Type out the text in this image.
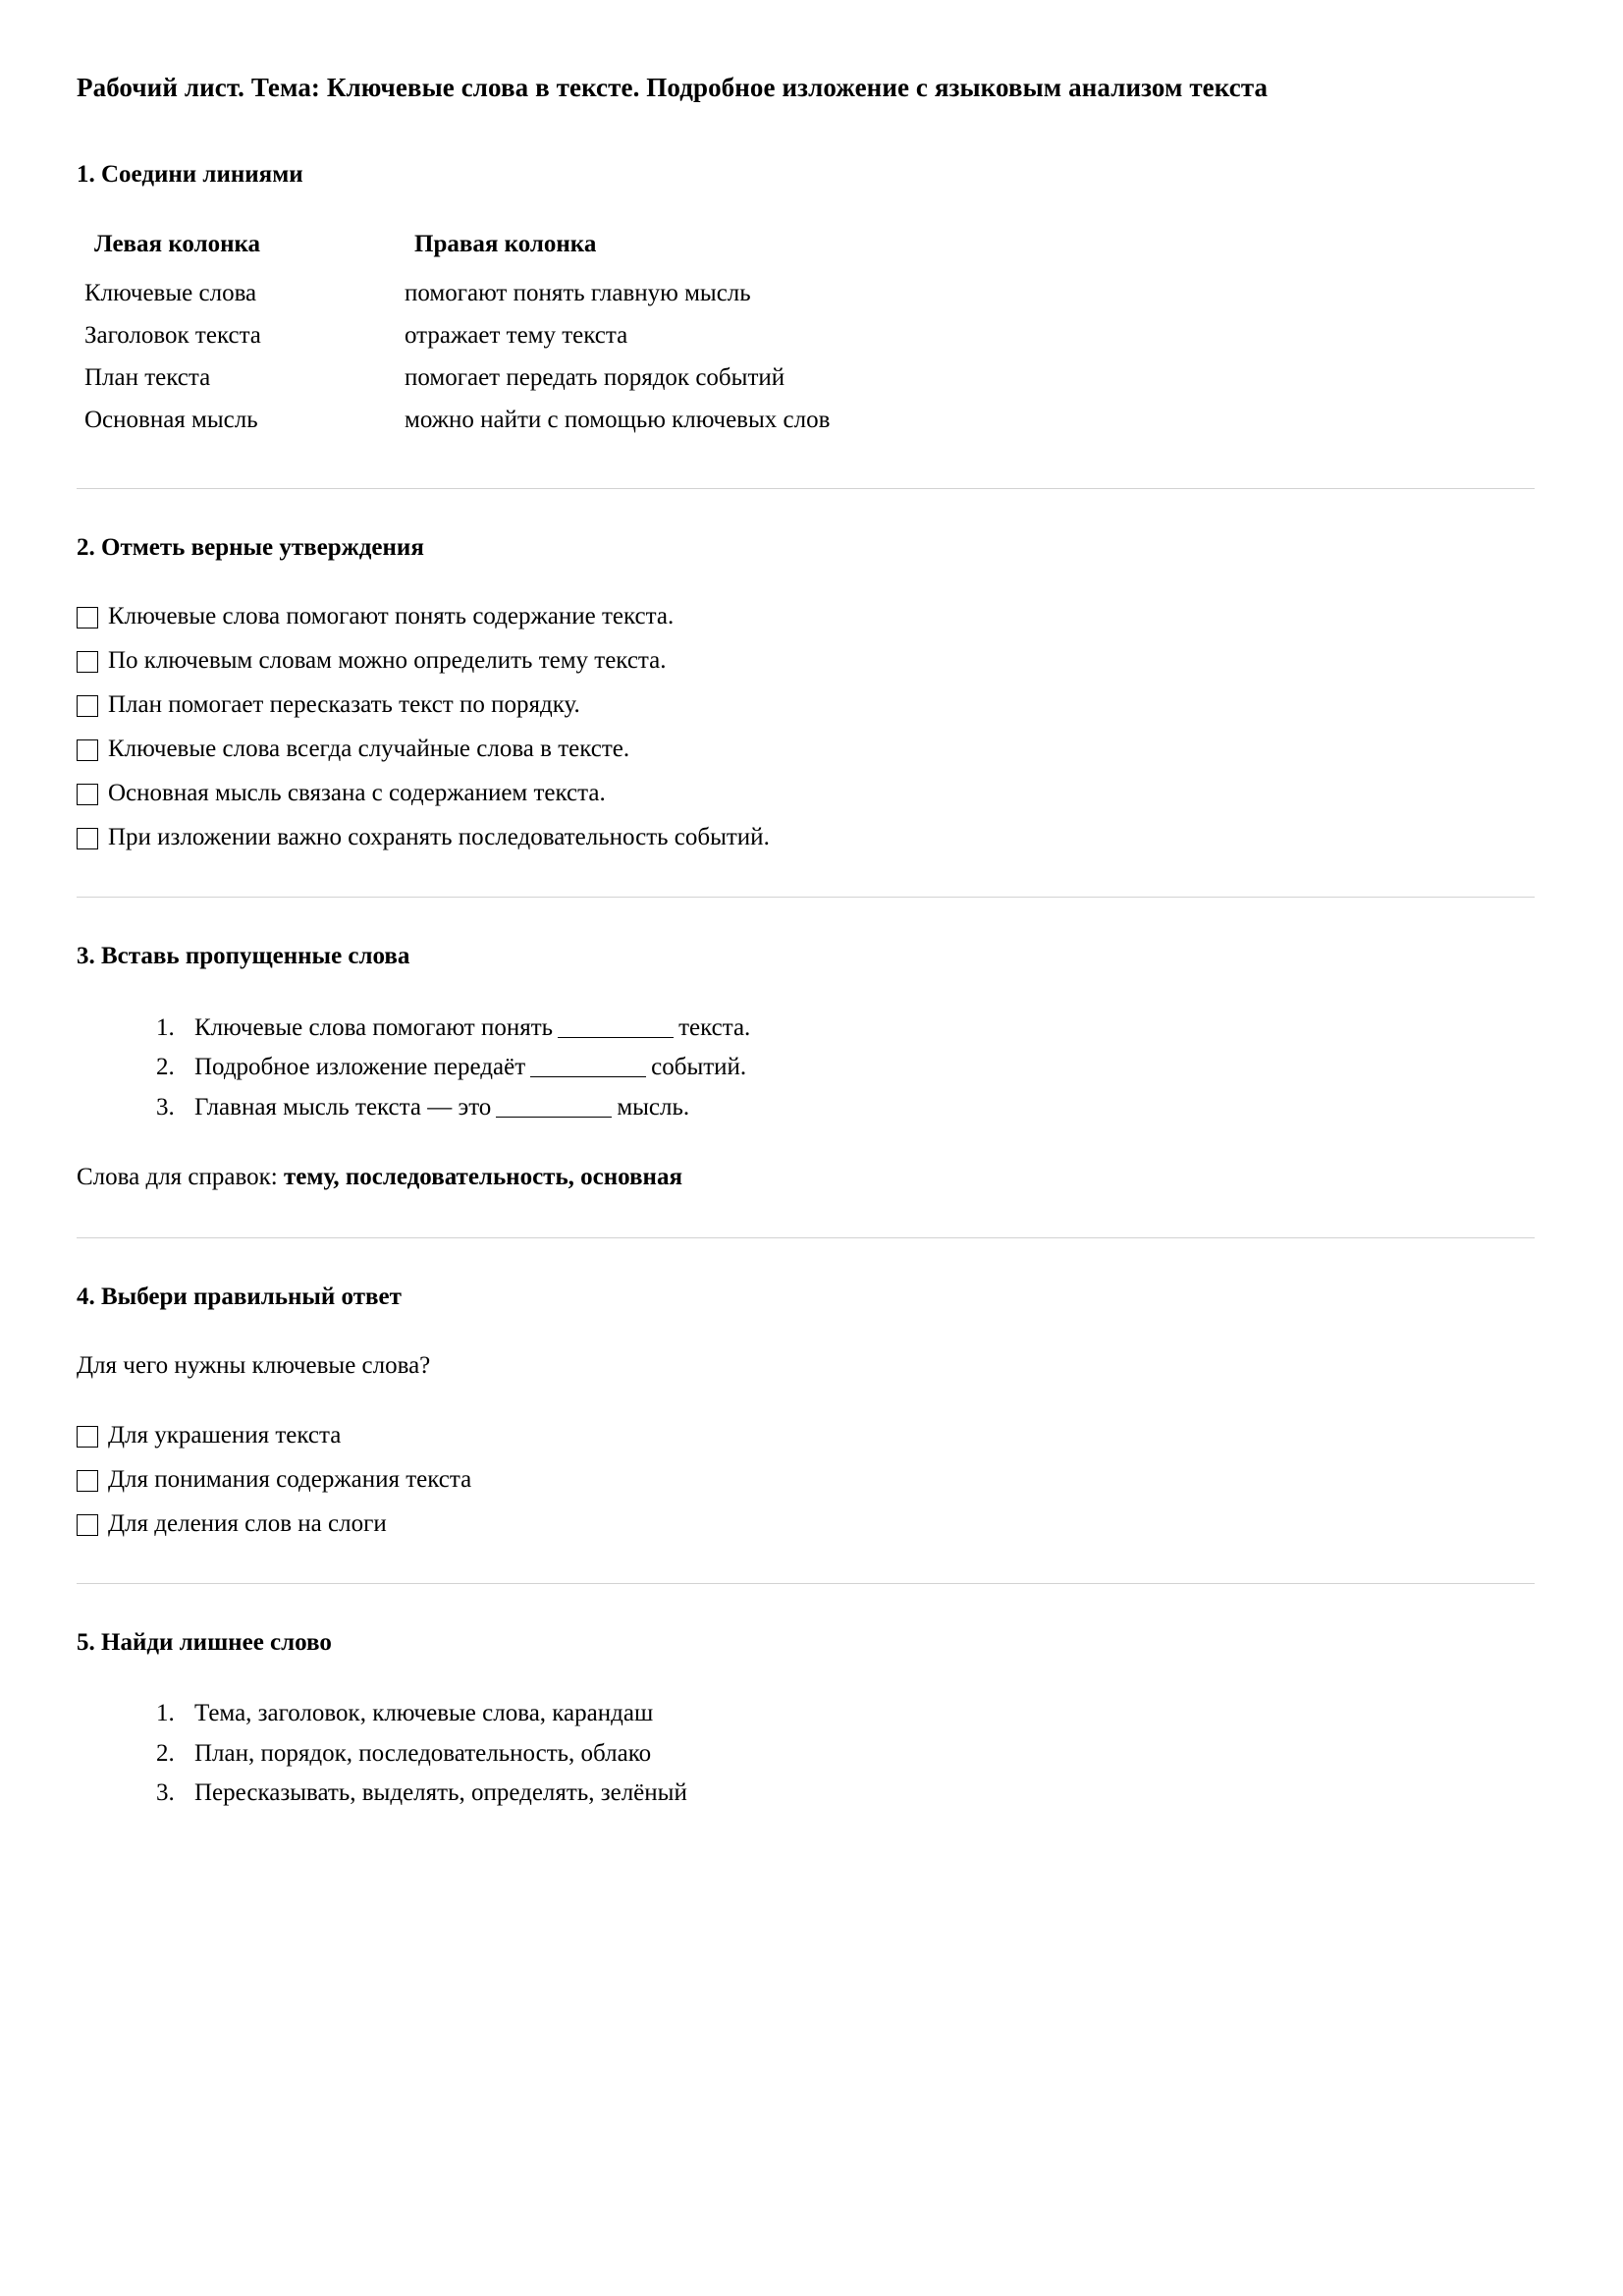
Рабочий лист. Тема: Ключевые слова в тексте. Подробное изложение с языковым анализом текста
1. Соедини линиями
Левая колонка	Правая колонка
Ключевые слова	помогают понять главную мысль
Заголовок текста	отражает тему текста
План текста	помогает передать порядок событий
Основная мысль	можно найти с помощью ключевых слов
2. Отметь верные утверждения
Ключевые слова помогают понять содержание текста.
По ключевым словам можно определить тему текста.
План помогает пересказать текст по порядку.
Ключевые слова всегда случайные слова в тексте.
Основная мысль связана с содержанием текста.
При изложении важно сохранять последовательность событий.
3. Вставь пропущенные слова
1. Ключевые слова помогают понять	текста.
2. Подробное изложение передаёт	событий.
3. Главная мысль текста — это	мысль.

Слова для справок: тему, последовательность, основная

4. Выбери правильный ответ

Для чего нужны ключевые слова?

Для украшения текста
Для понимания содержания текста
Для деления слов на слоги
5. Найди лишнее слово
1. Тема, заголовок, ключевые слова, карандаш
2. План, порядок, последовательность, облако
3. Пересказывать, выделять, определять, зелёный
